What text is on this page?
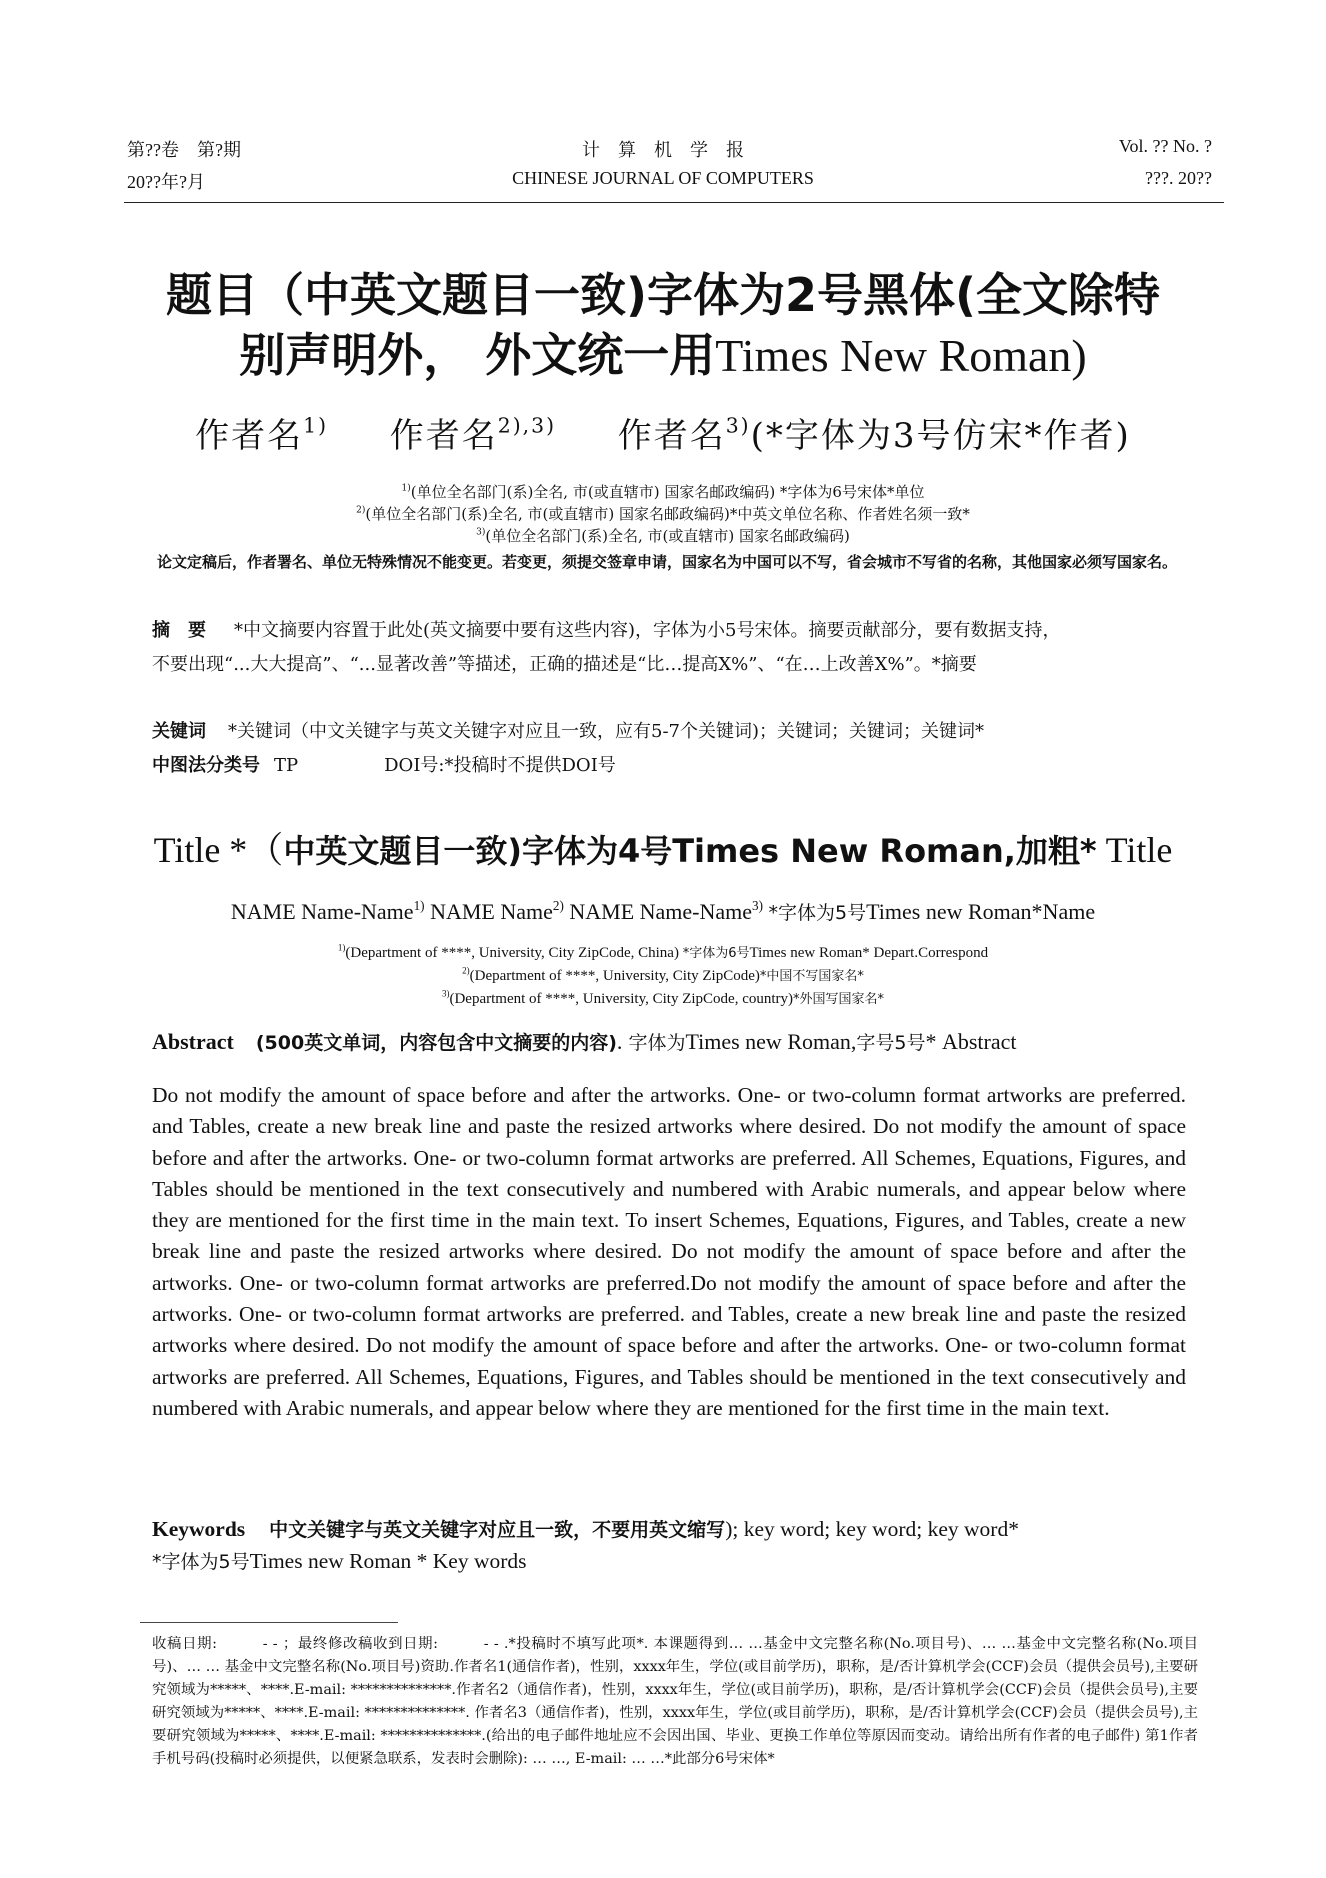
第??卷　第?期
20??年?月
计　算　机　学　报
CHINESE JOURNAL OF COMPUTERS
Vol. ?? No. ?
???. 20??
题目（中英文题目一致)字体为2号黑体(全文除特
别声明外， 外文统一用Times New Roman)
作者名$^{1)}$ 作者名$^{2),3)}$ 作者名$^{3)}$(*字体为3号仿宋*作者)
$^{1)}$(单位全名部门(系)全名, 市(或直辖市) 国家名邮政编码) *字体为6号宋体*单位
$^{2)}$(单位全名部门(系)全名, 市(或直辖市) 国家名邮政编码)*中英文单位名称、作者姓名须一致*
$^{3)}$(单位全名部门(系)全名, 市(或直辖市) 国家名邮政编码)
论文定稿后，作者署名、单位无特殊情况不能变更。若变更，须提交签章申请，国家名为中国可以不写，省会城市不写省的名称，其他国家必须写国家名。
摘　要 *中文摘要内容置于此处(英文摘要中要有这些内容)，字体为小5号宋体。摘要贡献部分，要有数据支持，
不要出现“...大大提高”、“...显著改善”等描述，正确的描述是“比…提高X%”、“在…上改善X%”。*摘要
关键词 *关键词（中文关键字与英文关键字对应且一致，应有5-7个关键词)；关键词；关键词；关键词*
中图法分类号 TP	DOI号:*投稿时不提供DOI号
Title *（中英文题目一致)字体为4号Times New Roman,加粗* Title
NAME Name-Name$^{1)}$ NAME Name$^{2)}$ NAME Name-Name$^{3)}$ *字体为5号Times new Roman*Name
$^{1)}$(Department of ****, University, City ZipCode, China) *字体为6号Times new Roman* Depart.Correspond
$^{2)}$(Department of ****, University, City ZipCode)*中国不写国家名*
$^{3)}$(Department of ****, University, City ZipCode, country)*外国写国家名*
Abstract (500英文单词，内容包含中文摘要的内容). 字体为Times new Roman,字号5号* Abstract
Do not modify the amount of space before and after the artworks. One- or two-column format artworks are preferred. and Tables, create a new break line and paste the resized artworks where desired. Do not modify the amount of space before and after the artworks. One- or two-column format artworks are preferred. All Schemes, Equations, Figures, and Tables should be mentioned in the text consecutively and numbered with Arabic numerals, and appear below where they are mentioned for the first time in the main text. To insert Schemes, Equations, Figures, and Tables, create a new break line and paste the resized artworks where desired. Do not modify the amount of space before and after the artworks. One- or two-column format artworks are preferred.Do not modify the amount of space before and after the artworks. One- or two-column format artworks are preferred. and Tables, create a new break line and paste the resized artworks where desired. Do not modify the amount of space before and after the artworks. One- or two-column format artworks are preferred. All Schemes, Equations, Figures, and Tables should be mentioned in the text consecutively and numbered with Arabic numerals, and appear below where they are mentioned for the first time in the main text.
Keywords 中文关键字与英文关键字对应且一致，不要用英文缩写); key word; key word; key word*
*字体为5号Times new Roman * Key words
收稿日期:　　　- - ；最终修改稿收到日期:　　　- - .*投稿时不填写此项*. 本课题得到… …基金中文完整名称(No.项目号)、… …基金中文完整名称(No.项目号)、… … 基金中文完整名称(No.项目号)资助.作者名1(通信作者)，性别，xxxx年生，学位(或目前学历)，职称，是/否计算机学会(CCF)会员（提供会员号),主要研究领域为*****、****.E-mail: **************.作者名2（通信作者)，性别，xxxx年生，学位(或目前学历)，职称，是/否计算机学会(CCF)会员（提供会员号),主要研究领域为*****、****.E-mail: **************. 作者名3（通信作者)，性别，xxxx年生，学位(或目前学历)，职称，是/否计算机学会(CCF)会员（提供会员号),主要研究领域为*****、****.E-mail: **************.(给出的电子邮件地址应不会因出国、毕业、更换工作单位等原因而变动。请给出所有作者的电子邮件) 第1作者手机号码(投稿时必须提供，以便紧急联系，发表时会删除): … …, E-mail: … …*此部分6号宋体*
